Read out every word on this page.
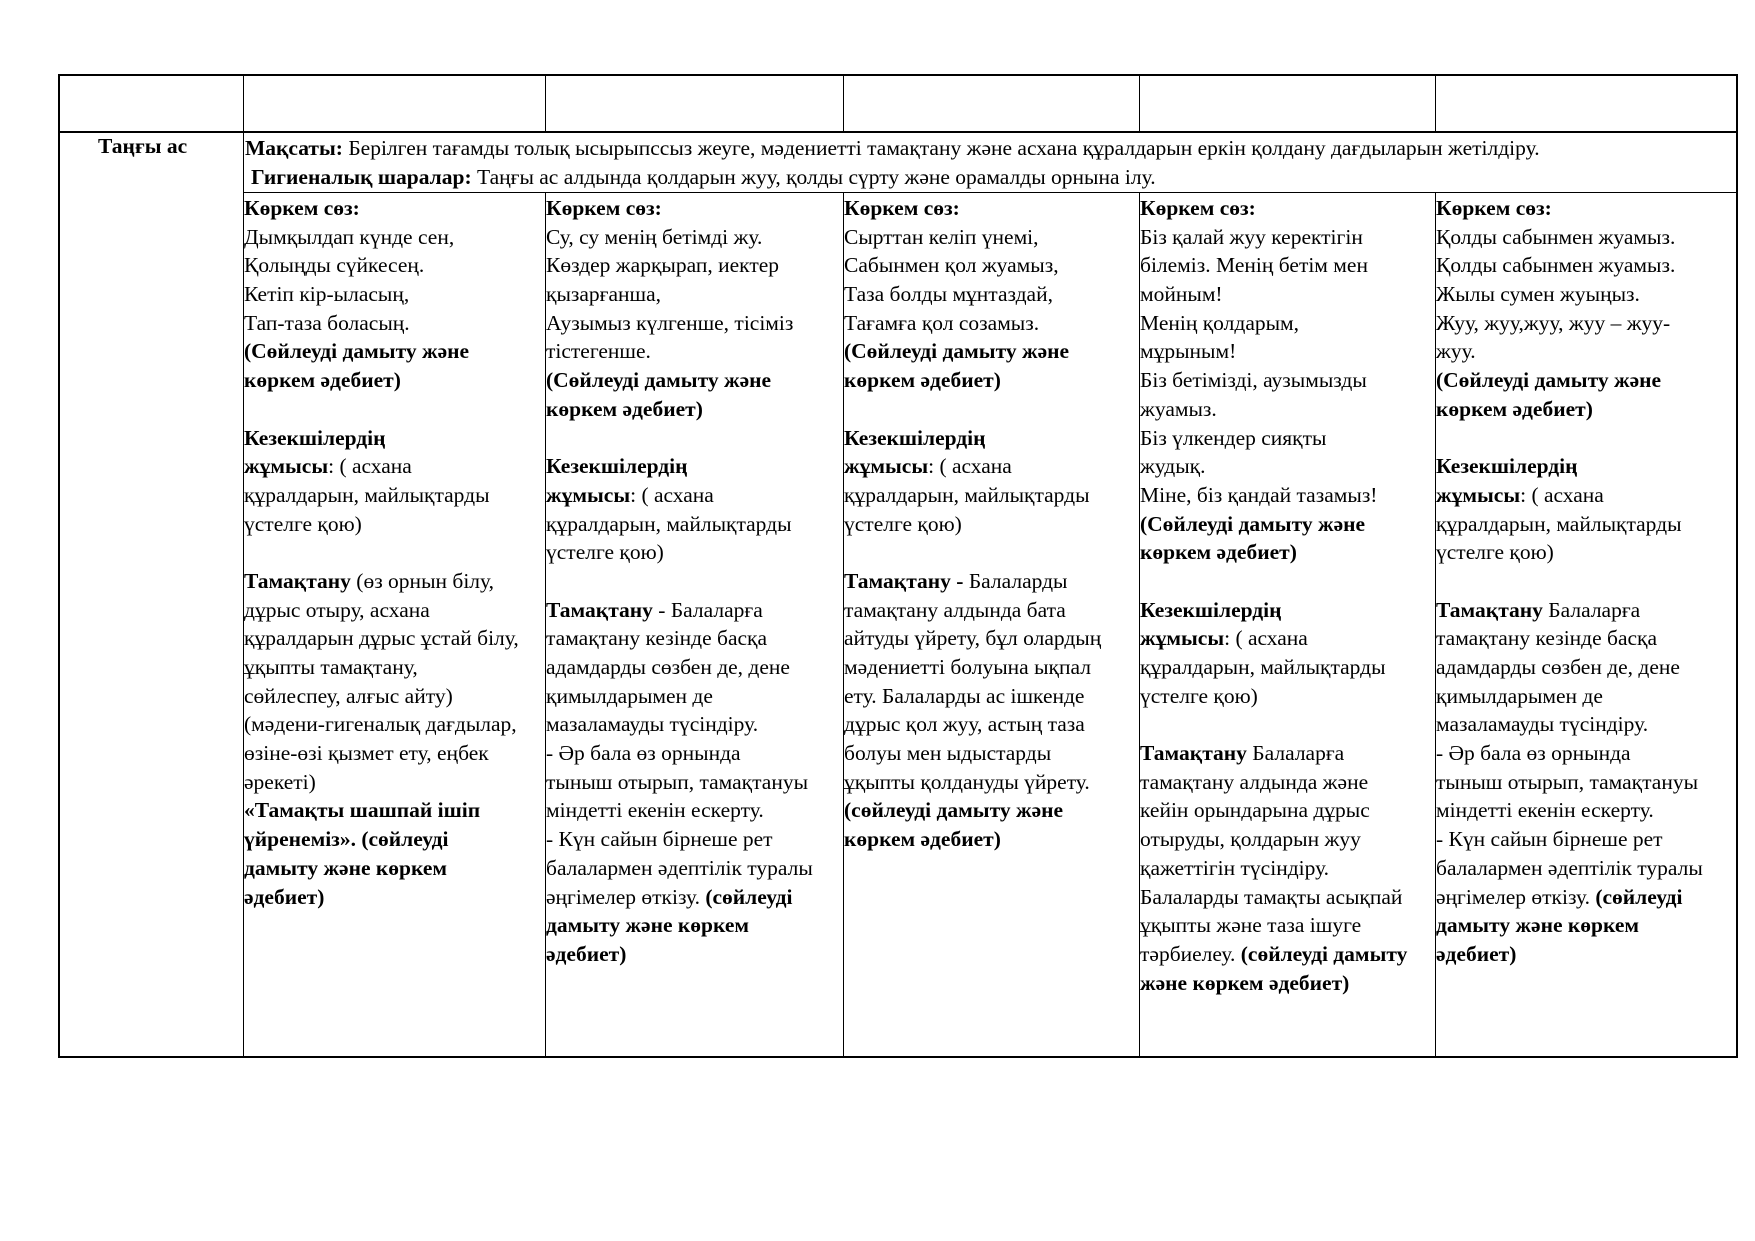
Таңғы ас	Мақсаты: Берілген тағамды толық ысырыпссыз жеуге, мәдениетті тамақтану және асхана құралдарын еркін қолдану дағдыларын жетілдіру.
Гигиеналық шаралар: Таңғы ас алдында қолдарын жуу, қолды сүрту және орамалды орнына ілу.
Көркем сөз:
Дымқылдап күнде сен,
Қолыңды сүйкесең.
Кетіп кір-ыласың,
Тап-таза боласың.
(Сөйлеуді дамыту және
көркем әдебиет)
Кезекшілердің
жұмысы: ( асхана
құралдарын, майлықтарды
үстелге қою)
Тамақтану (өз орнын білу,
дұрыс отыру, асхана
құралдарын дұрыс ұстай білу,
ұқыпты тамақтану,
сөйлеспеу, алғыс айту)
(мәдени-гигеналық дағдылар,
өзіне-өзі қызмет ету, еңбек
әрекеті)
«Тамақты шашпай ішіп
үйренеміз». (сөйлеуді
дамыту және көркем
әдебиет)
Көркем сөз:
Су, су менің бетімді жу.
Көздер жарқырап, иектер
қызарғанша,
Аузымыз күлгенше, тісіміз
тістегенше.
(Сөйлеуді дамыту және
көркем әдебиет)
Кезекшілердің
жұмысы: ( асхана
құралдарын, майлықтарды
үстелге қою)
Тамақтану - Балаларға
тамақтану кезінде басқа
адамдарды сөзбен де, дене
қимылдарымен де
мазаламауды түсіндіру.
- Әр бала өз орнында
тыныш отырып, тамақтануы
міндетті екенін ескерту.
- Күн сайын бірнеше рет
балалармен әдептілік туралы
әңгімелер өткізу. (сөйлеуді
дамыту және көркем
әдебиет)
Көркем сөз:
Сырттан келіп үнемі,
Сабынмен қол жуамыз,
Таза болды мұнтаздай,
Тағамға қол созамыз.
(Сөйлеуді дамыту және
көркем әдебиет)
Кезекшілердің
жұмысы: ( асхана
құралдарын, майлықтарды
үстелге қою)
Тамақтану - Балаларды
тамақтану алдында бата
айтуды үйрету, бұл олардың
мәдениетті болуына ықпал
ету. Балаларды ас ішкенде
дұрыс қол жуу, астың таза
болуы мен ыдыстарды
ұқыпты қолдануды үйрету.
(сөйлеуді дамыту және
көркем әдебиет)
Көркем сөз:
Біз қалай жуу керектігін
білеміз. Менің бетім мен
мойным!
Менің қолдарым,
мұрыным!
Біз бетімізді, аузымызды
жуамыз.
Біз үлкендер сияқты
жудық.
Міне, біз қандай тазамыз!
(Сөйлеуді дамыту және
көркем әдебиет)
Кезекшілердің
жұмысы: ( асхана
құралдарын, майлықтарды
үстелге қою)
Тамақтану Балаларға
тамақтану алдында және
кейін орындарына дұрыс
отыруды, қолдарын жуу
қажеттігін түсіндіру.
Балаларды тамақты асықпай
ұқыпты және таза ішуге
тәрбиелеу. (сөйлеуді дамыту
және көркем әдебиет)
Көркем сөз:
Қолды сабынмен жуамыз.
Қолды сабынмен жуамыз.
Жылы сумен жуыңыз.
Жуу, жуу,жуу, жуу – жуу-
жуу.
(Сөйлеуді дамыту және
көркем әдебиет)
Кезекшілердің
жұмысы: ( асхана
құралдарын, майлықтарды
үстелге қою)
Тамақтану Балаларға
тамақтану кезінде басқа
адамдарды сөзбен де, дене
қимылдарымен де
мазаламауды түсіндіру.
- Әр бала өз орнында
тыныш отырып, тамақтануы
міндетті екенін ескерту.
- Күн сайын бірнеше рет
балалармен әдептілік туралы
әңгімелер өткізу. (сөйлеуді
дамыту және көркем
әдебиет)
